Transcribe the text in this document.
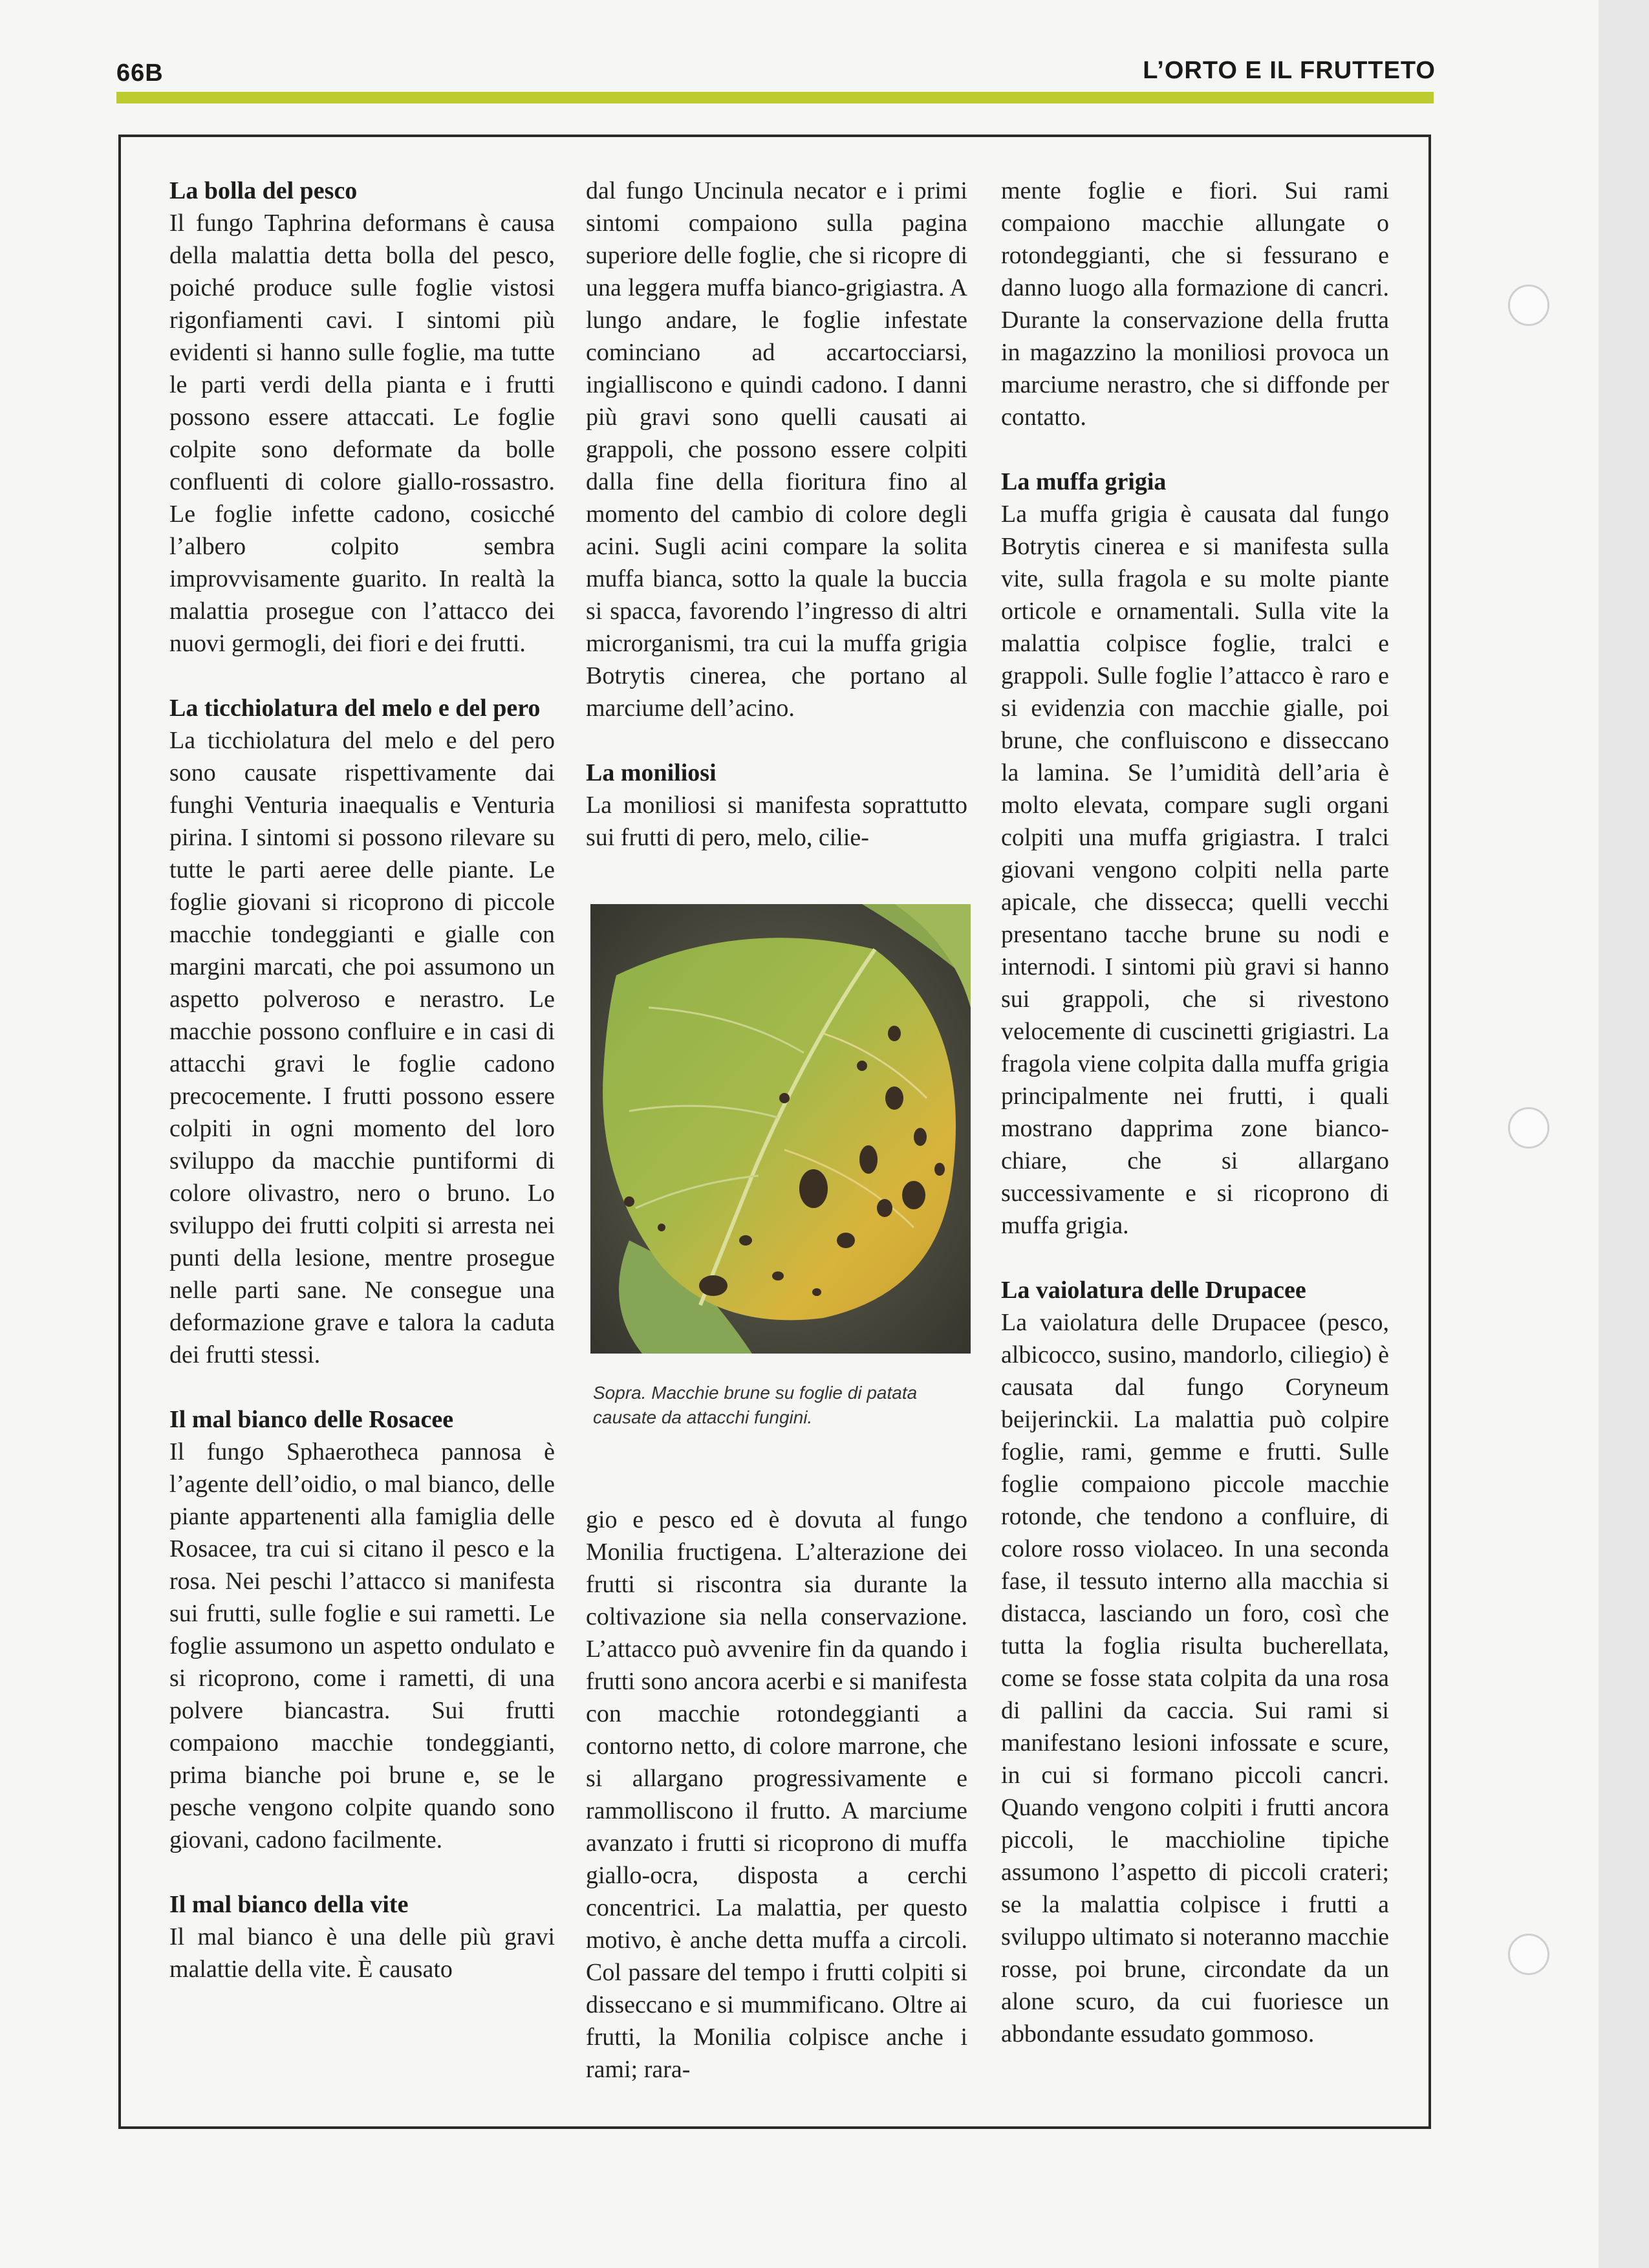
66B	L’ORTO E IL FRUTTETO
La bolla del pesco

Il fungo Taphrina deformans è causa della malattia detta bolla del pesco, poiché produce sulle foglie vistosi rigonfiamenti cavi. I sintomi più evidenti si hanno sulle foglie, ma tutte le parti verdi della pianta e i frutti possono essere attaccati. Le foglie colpite sono deformate da bolle confluenti di colore giallo-rossastro. Le foglie infette cadono, cosicché l’albero colpito sembra improvvisamente guarito. In realtà la malattia prosegue con l’attacco dei nuovi germogli, dei fiori e dei frutti.

La ticchiolatura del melo e del pero

La ticchiolatura del melo e del pero sono causate rispettivamente dai funghi Venturia inaequalis e Venturia pirina. I sintomi si possono rilevare su tutte le parti aeree delle piante. Le foglie giovani si ricoprono di piccole macchie tondeggianti e gialle con margini marcati, che poi assumono un aspetto polveroso e nerastro. Le macchie possono confluire e in casi di attacchi gravi le foglie cadono precocemente. I frutti possono essere colpiti in ogni momento del loro sviluppo da macchie puntiformi di colore olivastro, nero o bruno. Lo sviluppo dei frutti colpiti si arresta nei punti della lesione, mentre prosegue nelle parti sane. Ne consegue una deformazione grave e talora la caduta dei frutti stessi.

Il mal bianco delle Rosacee

Il fungo Sphaerotheca pannosa è l’agente dell’oidio, o mal bianco, delle piante appartenenti alla famiglia delle Rosacee, tra cui si citano il pesco e la rosa. Nei peschi l’attacco si manifesta sui frutti, sulle foglie e sui rametti. Le foglie assumono un aspetto ondulato e si ricoprono, come i rametti, di una polvere biancastra. Sui frutti compaiono macchie tondeggianti, prima bianche poi brune e, se le pesche vengono colpite quando sono giovani, cadono facilmente.

Il mal bianco della vite

Il mal bianco è una delle più gravi malattie della vite. È causato

dal fungo Uncinula necator e i primi sintomi compaiono sulla pagina superiore delle foglie, che si ricopre di una leggera muffa bianco-grigiastra. A lungo andare, le foglie infestate cominciano ad accartocciarsi, ingialliscono e quindi cadono. I danni più gravi sono quelli causati ai grappoli, che possono essere colpiti dalla fine della fioritura fino al momento del cambio di colore degli acini. Sugli acini compare la solita muffa bianca, sotto la quale la buccia si spacca, favorendo l’ingresso di altri microrganismi, tra cui la muffa grigia Botrytis cinerea, che portano al marciume dell’acino.

La moniliosi

La moniliosi si manifesta soprattutto sui frutti di pero, melo, cilie-

Sopra. Macchie brune su foglie di patata causate da attacchi fungini.

gio e pesco ed è dovuta al fungo Monilia fructigena. L’alterazione dei frutti si riscontra sia durante la coltivazione sia nella conservazione. L’attacco può avvenire fin da quando i frutti sono ancora acerbi e si manifesta con macchie rotondeggianti a contorno netto, di colore marrone, che si allargano progressivamente e rammolliscono il frutto. A marciume avanzato i frutti si ricoprono di muffa giallo-ocra, disposta a cerchi concentrici. La malattia, per questo motivo, è anche detta muffa a circoli. Col passare del tempo i frutti colpiti si disseccano e si mummificano. Oltre ai frutti, la Monilia colpisce anche i rami; rara-

mente foglie e fiori. Sui rami compaiono macchie allungate o rotondeggianti, che si fessurano e danno luogo alla formazione di cancri. Durante la conservazione della frutta in magazzino la moniliosi provoca un marciume nerastro, che si diffonde per contatto.

La muffa grigia

La muffa grigia è causata dal fungo Botrytis cinerea e si manifesta sulla vite, sulla fragola e su molte piante orticole e ornamentali. Sulla vite la malattia colpisce foglie, tralci e grappoli. Sulle foglie l’attacco è raro e si evidenzia con macchie gialle, poi brune, che confluiscono e disseccano la lamina. Se l’umidità dell’aria è molto elevata, compare sugli organi colpiti una muffa grigiastra. I tralci giovani vengono colpiti nella parte apicale, che dissecca; quelli vecchi presentano tacche brune su nodi e internodi. I sintomi più gravi si hanno sui grappoli, che si rivestono velocemente di cuscinetti grigiastri. La fragola viene colpita dalla muffa grigia principalmente nei frutti, i quali mostrano dapprima zone bianco-chiare, che si allargano successivamente e si ricoprono di muffa grigia.

La vaiolatura delle Drupacee

La vaiolatura delle Drupacee (pesco, albicocco, susino, mandorlo, ciliegio) è causata dal fungo Coryneum beijerinckii. La malattia può colpire foglie, rami, gemme e frutti. Sulle foglie compaiono piccole macchie rotonde, che tendono a confluire, di colore rosso violaceo. In una seconda fase, il tessuto interno alla macchia si distacca, lasciando un foro, così che tutta la foglia risulta bucherellata, come se fosse stata colpita da una rosa di pallini da caccia. Sui rami si manifestano lesioni infossate e scure, in cui si formano piccoli cancri. Quando vengono colpiti i frutti ancora piccoli, le macchioline tipiche assumono l’aspetto di piccoli crateri; se la malattia colpisce i frutti a sviluppo ultimato si noteranno macchie rosse, poi brune, circondate da un alone scuro, da cui fuoriesce un abbondante essudato gommoso.
